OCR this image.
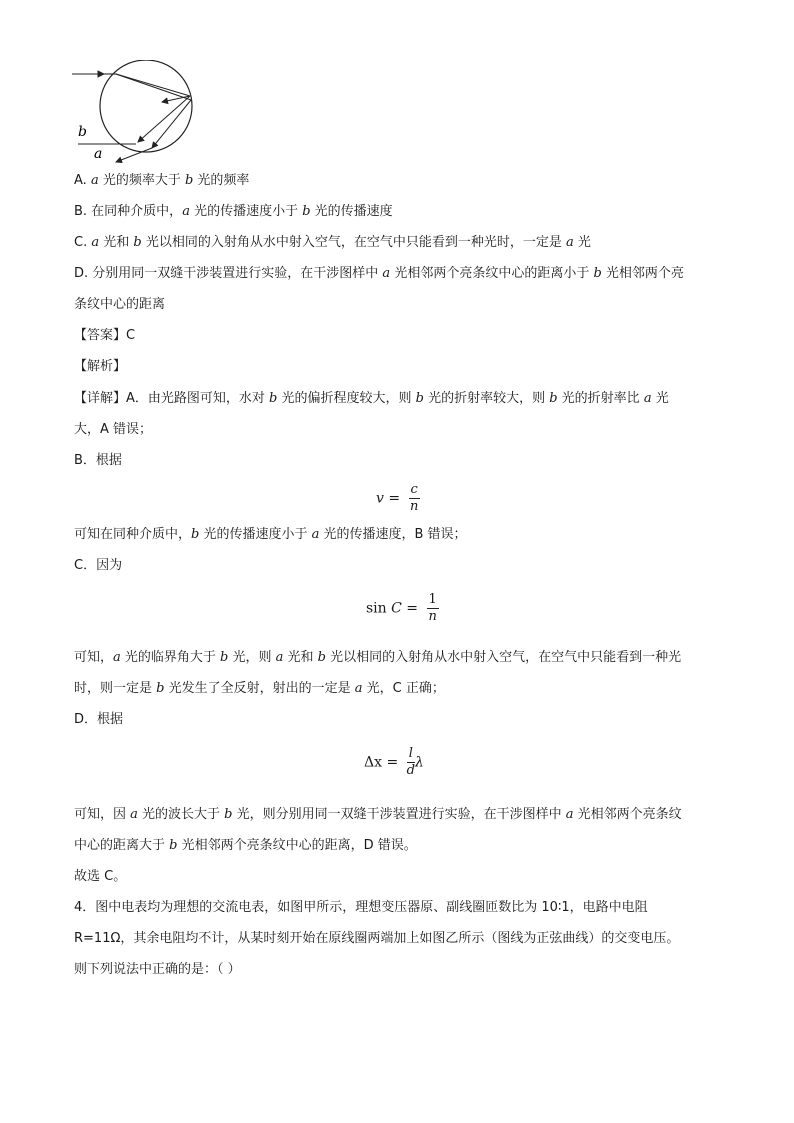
b
a
A. a 光的频率大于 b 光的频率
B. 在同种介质中，a 光的传播速度小于 b 光的传播速度
C. a 光和 b 光以相同的入射角从水中射入空气，在空气中只能看到一种光时，一定是 a 光
D. 分别用同一双缝干涉装置进行实验，在干涉图样中 a 光相邻两个亮条纹中心的距离小于 b 光相邻两个亮
条纹中心的距离
【答案】C
【解析】
【详解】A．由光路图可知，水对 b 光的偏折程度较大，则 b 光的折射率较大，则 b 光的折射率比 a 光
大，A 错误；
B．根据
$v = \frac{c}{n}$
可知在同种介质中，b 光的传播速度小于 a 光的传播速度，B 错误；
C．因为
$\sin C = \frac{1}{n}$
可知，a 光的临界角大于 b 光，则 a 光和 b 光以相同的入射角从水中射入空气，在空气中只能看到一种光
时，则一定是 b 光发生了全反射，射出的一定是 a 光，C 正确；
D．根据
$\Delta x = \frac{l}{d}$ λ
可知，因 a 光的波长大于 b 光，则分别用同一双缝干涉装置进行实验，在干涉图样中 a 光相邻两个亮条纹
中心的距离大于 b 光相邻两个亮条纹中心的距离，D 错误。
故选 C。
4．图中电表均为理想的交流电表，如图甲所示，理想变压器原、副线圈匝数比为 10∶1，电路中电阻
R=11Ω，其余电阻均不计，从某时刻开始在原线圈两端加上如图乙所示（图线为正弦曲线）的交变电压。
则下列说法中正确的是：（ ）
